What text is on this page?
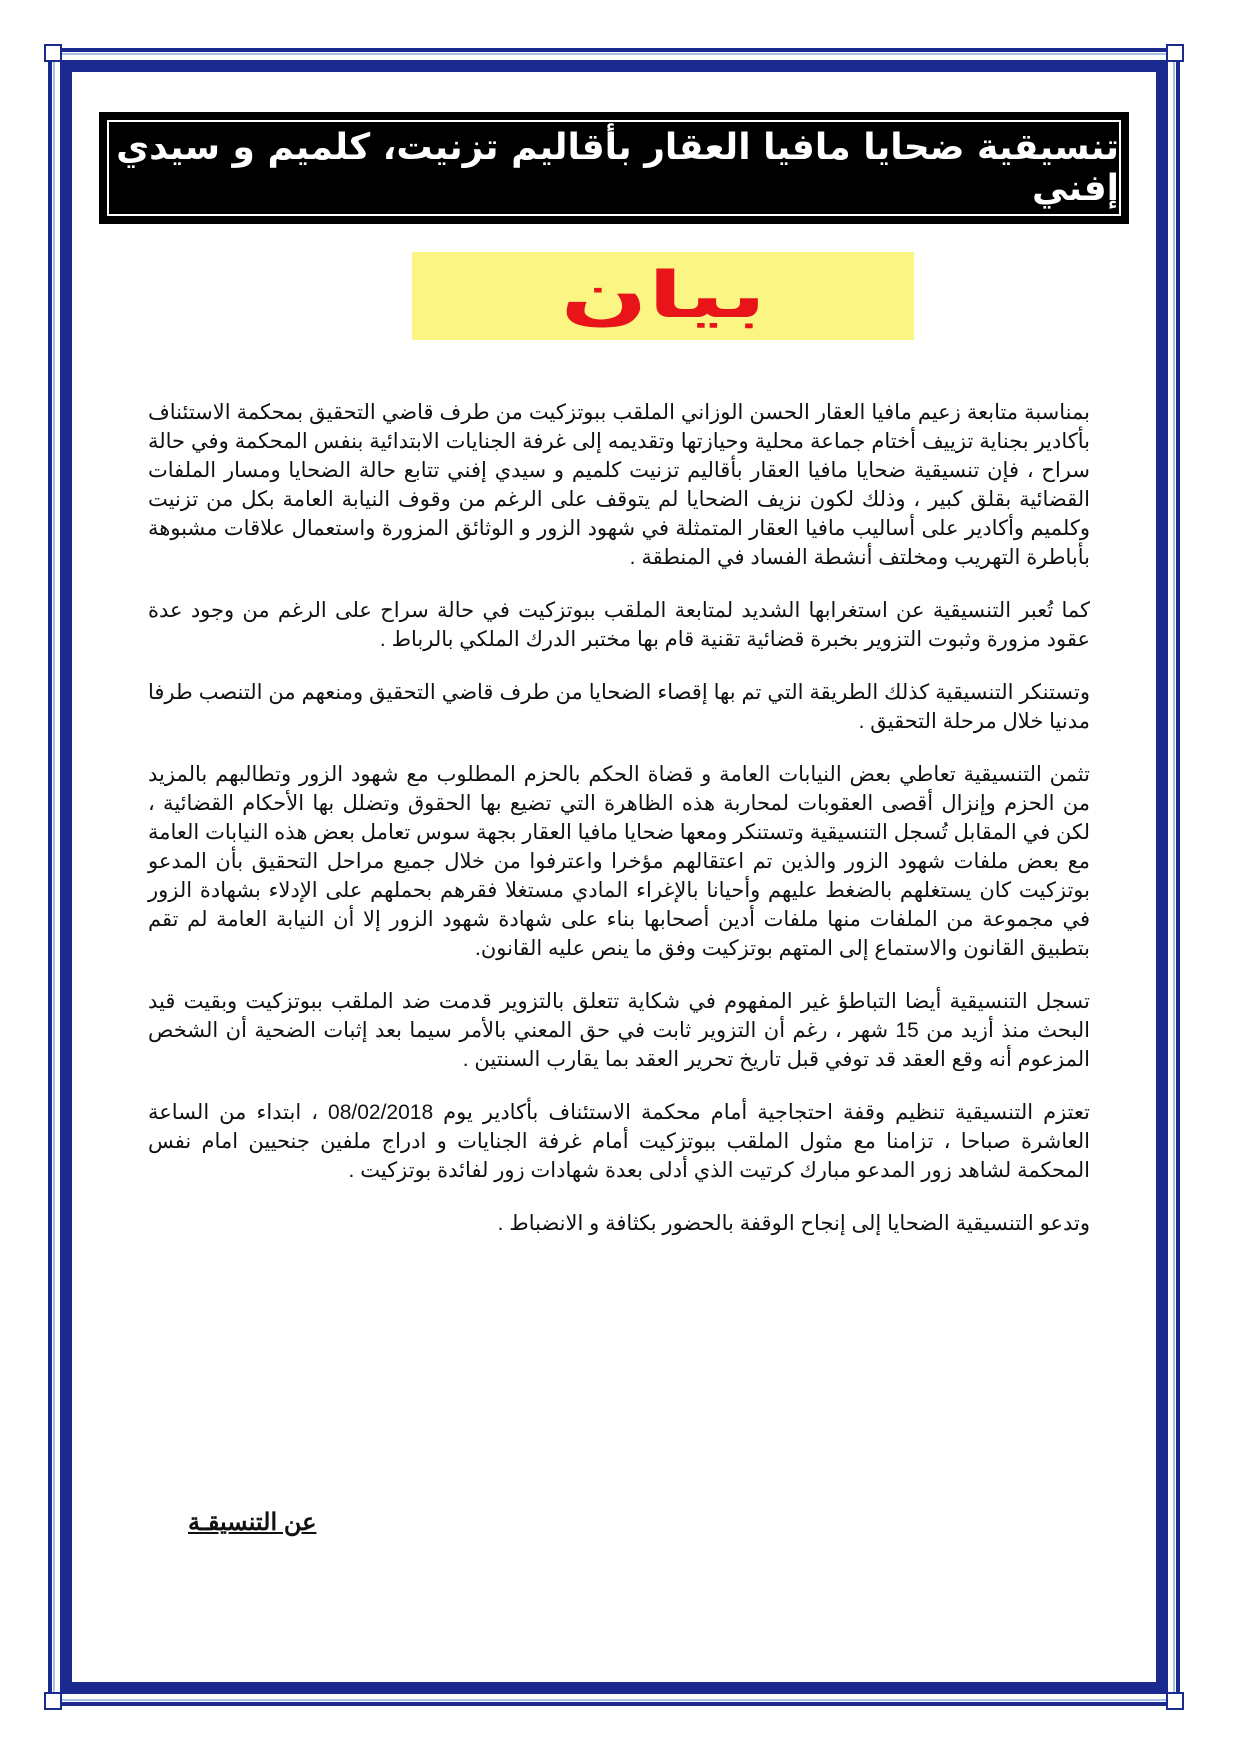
تنسيقية ضحايا مافيا العقار بأقاليم تزنيت، كلميم و سيدي إفني
بيان

بمناسبة متابعة زعيم مافيا العقار الحسن الوزاني الملقب ببوتزكيت من طرف قاضي التحقيق بمحكمة الاستئناف بأكادير بجناية تزييف أختام جماعة محلية وحيازتها وتقديمه إلى غرفة الجنايات الابتدائية بنفس المحكمة وفي حالة سراح ، فإن تنسيقية ضحايا مافيا العقار بأقاليم تزنيت كلميم و سيدي إفني تتابع حالة الضحايا ومسار الملفات القضائية بقلق كبير ، وذلك لكون نزيف الضحايا لم يتوقف على الرغم من وقوف النيابة العامة بكل من تزنيت وكلميم وأكادير على أساليب مافيا العقار المتمثلة في شهود الزور و الوثائق المزورة واستعمال علاقات مشبوهة بأباطرة التهريب ومخلتف أنشطة الفساد في المنطقة .

كما تُعبر التنسيقية عن استغرابها الشديد لمتابعة الملقب ببوتزكيت في حالة سراح على الرغم من وجود عدة عقود مزورة وثبوت التزوير بخبرة قضائية تقنية قام بها مختبر الدرك الملكي بالرباط .

وتستنكر التنسيقية كذلك الطريقة التي تم بها إقصاء الضحايا من طرف قاضي التحقيق ومنعهم من التنصب طرفا مدنيا خلال مرحلة التحقيق .

تثمن التنسيقية تعاطي بعض النيابات العامة و قضاة الحكم بالحزم المطلوب مع شهود الزور وتطالبهم بالمزيد من الحزم وإنزال أقصى العقوبات لمحاربة هذه الظاهرة التي تضيع بها الحقوق وتضلل بها الأحكام القضائية ، لكن في المقابل تُسجل التنسيقية وتستنكر ومعها ضحايا مافيا العقار بجهة سوس تعامل بعض هذه النيابات العامة مع بعض ملفات شهود الزور والذين تم اعتقالهم مؤخرا واعترفوا من خلال جميع مراحل التحقيق بأن المدعو بوتزكيت كان يستغلهم بالضغط عليهم وأحيانا بالإغراء المادي مستغلا فقرهم بحملهم على الإدلاء بشهادة الزور في مجموعة من الملفات منها ملفات أدين أصحابها بناء على شهادة شهود الزور إلا أن النيابة العامة لم تقم بتطبيق القانون والاستماع إلى المتهم بوتزكيت وفق ما ينص عليه القانون.

تسجل التنسيقية أيضا التباطؤ غير المفهوم في شكاية تتعلق بالتزوير قدمت ضد الملقب ببوتزكيت وبقيت قيد البحث منذ أزيد من 15 شهر ، رغم أن التزوير ثابت في حق المعني بالأمر سيما بعد إثبات الضحية أن الشخص المزعوم أنه وقع العقد قد توفي قبل تاريخ تحرير العقد بما يقارب السنتين .

تعتزم التنسيقية تنظيم وقفة احتجاجية أمام محكمة الاستئناف بأكادير يوم 08/02/2018 ، ابتداء من الساعة العاشرة صباحا ، تزامنا مع مثول الملقب ببوتزكيت أمام غرفة الجنايات و ادراج ملفين جنحيين امام نفس المحكمة لشاهد زور المدعو مبارك كرتيت الذي أدلى بعدة شهادات زور لفائدة بوتزكيت .

وتدعو التنسيقية الضحايا إلى إنجاح الوقفة بالحضور بكثافة و الانضباط .

عن التنسيقـة
